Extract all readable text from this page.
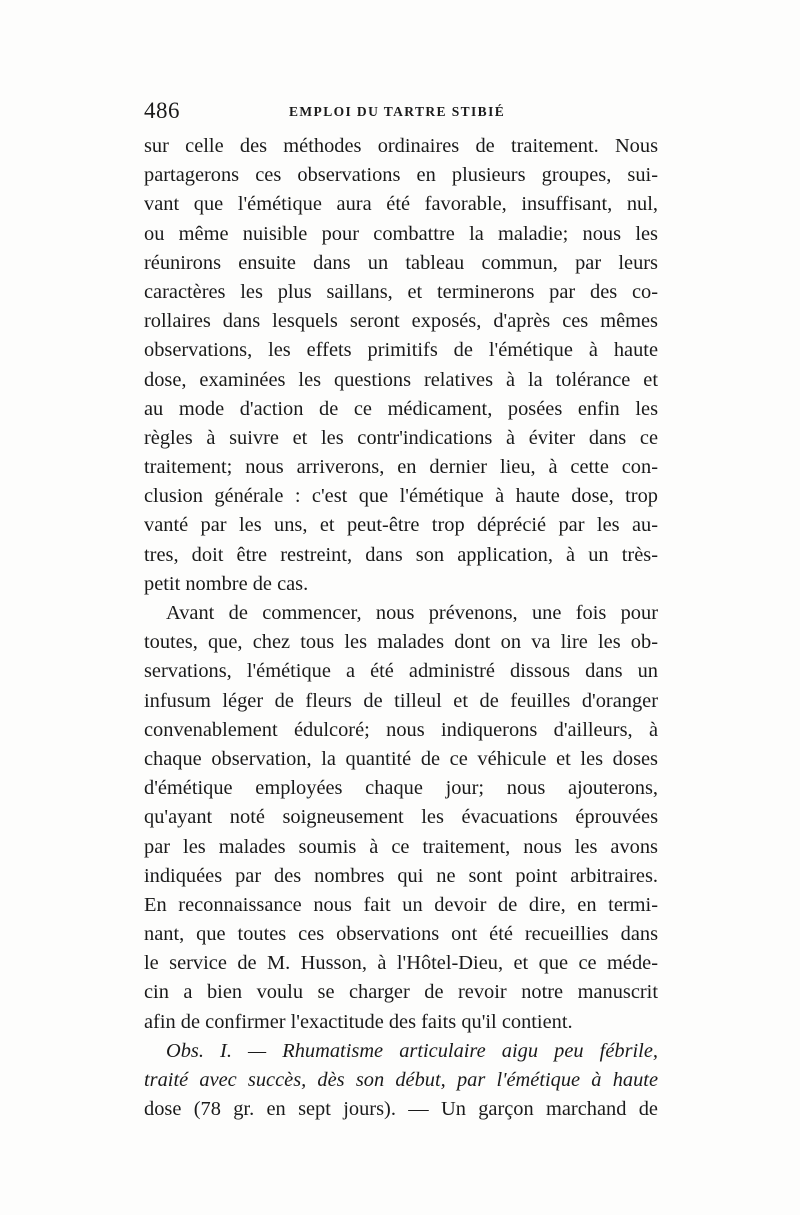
486	EMPLOI DU TARTRE STIBIÉ
sur celle des méthodes ordinaires de traitement. Nous
partagerons ces observations en plusieurs groupes, sui-
vant que l'émétique aura été favorable, insuffisant, nul,
ou même nuisible pour combattre la maladie; nous les
réunirons ensuite dans un tableau commun, par leurs
caractères les plus saillans, et terminerons par des co-
rollaires dans lesquels seront exposés, d'après ces mêmes
observations, les effets primitifs de l'émétique à haute
dose, examinées les questions relatives à la tolérance et
au mode d'action de ce médicament, posées enfin les
règles à suivre et les contr'indications à éviter dans ce
traitement; nous arriverons, en dernier lieu, à cette con-
clusion générale : c'est que l'émétique à haute dose, trop
vanté par les uns, et peut-être trop déprécié par les au-
tres, doit être restreint, dans son application, à un très-
petit nombre de cas.
Avant de commencer, nous prévenons, une fois pour
toutes, que, chez tous les malades dont on va lire les ob-
servations, l'émétique a été administré dissous dans un
infusum léger de fleurs de tilleul et de feuilles d'oranger
convenablement édulcoré; nous indiquerons d'ailleurs, à
chaque observation, la quantité de ce véhicule et les doses
d'émétique employées chaque jour; nous ajouterons,
qu'ayant noté soigneusement les évacuations éprouvées
par les malades soumis à ce traitement, nous les avons
indiquées par des nombres qui ne sont point arbitraires.
En reconnaissance nous fait un devoir de dire, en termi-
nant, que toutes ces observations ont été recueillies dans
le service de M. Husson, à l'Hôtel-Dieu, et que ce méde-
cin a bien voulu se charger de revoir notre manuscrit
afin de confirmer l'exactitude des faits qu'il contient.
Obs. I. — Rhumatisme articulaire aigu peu fébrile,
traité avec succès, dès son début, par l'émétique à haute
dose (78 gr. en sept jours). — Un garçon marchand de
